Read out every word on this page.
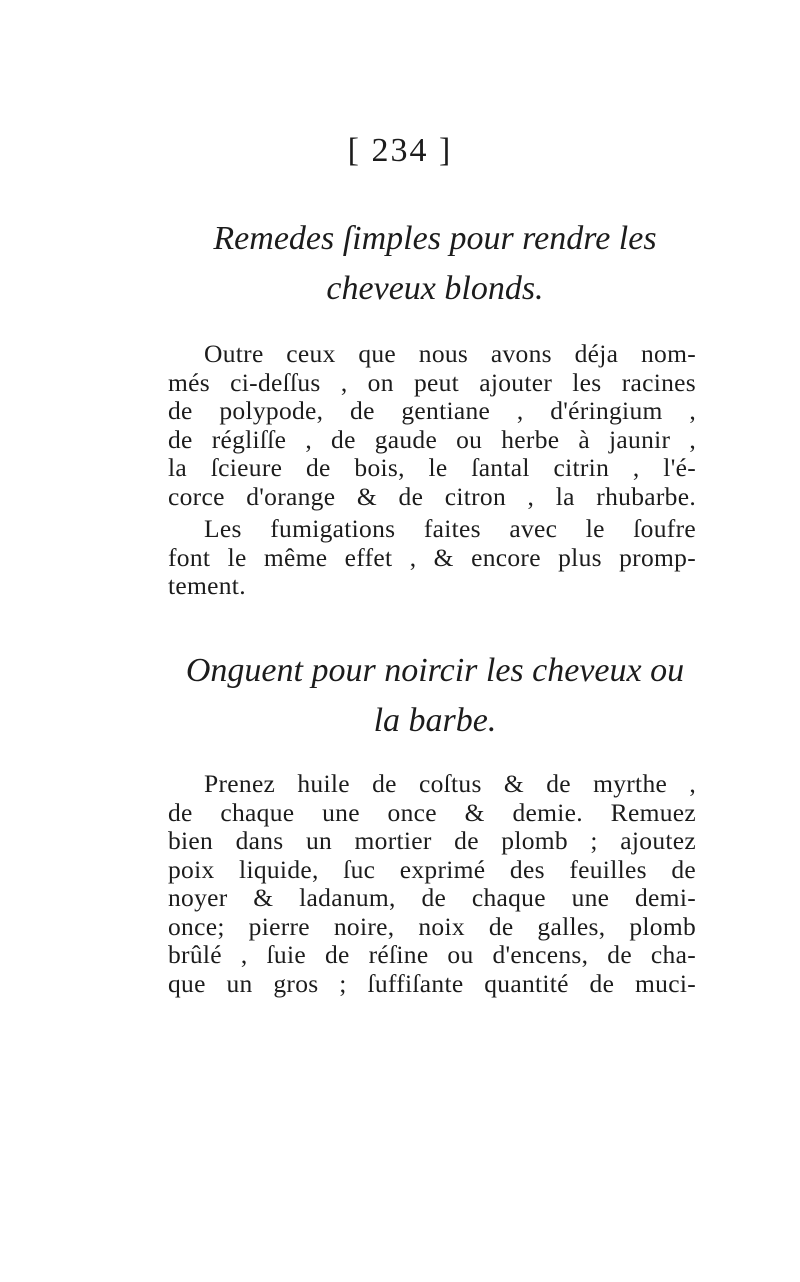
[ 234 ]
Remedes ſimples pour rendre les
cheveux blonds.
Outre ceux que nous avons déja nom-
més ci-deſſus , on peut ajouter les racines
de polypode, de gentiane , d'éringium ,
de régliſſe , de gaude ou herbe à jaunir ,
la ſcieure de bois, le ſantal citrin , l'é-
corce d'orange & de citron , la rhubarbe.
Les fumigations faites avec le ſoufre
font le même effet , & encore plus promp-
tement.
Onguent pour noircir les cheveux ou
la barbe.
Prenez huile de coſtus & de myrthe ,
de chaque une once & demie. Remuez
bien dans un mortier de plomb ; ajoutez
poix liquide, ſuc exprimé des feuilles de
noyer & ladanum, de chaque une demi-
once; pierre noire, noix de galles, plomb
brûlé , ſuie de réſine ou d'encens, de cha-
que un gros ; ſuffiſante quantité de muci-
